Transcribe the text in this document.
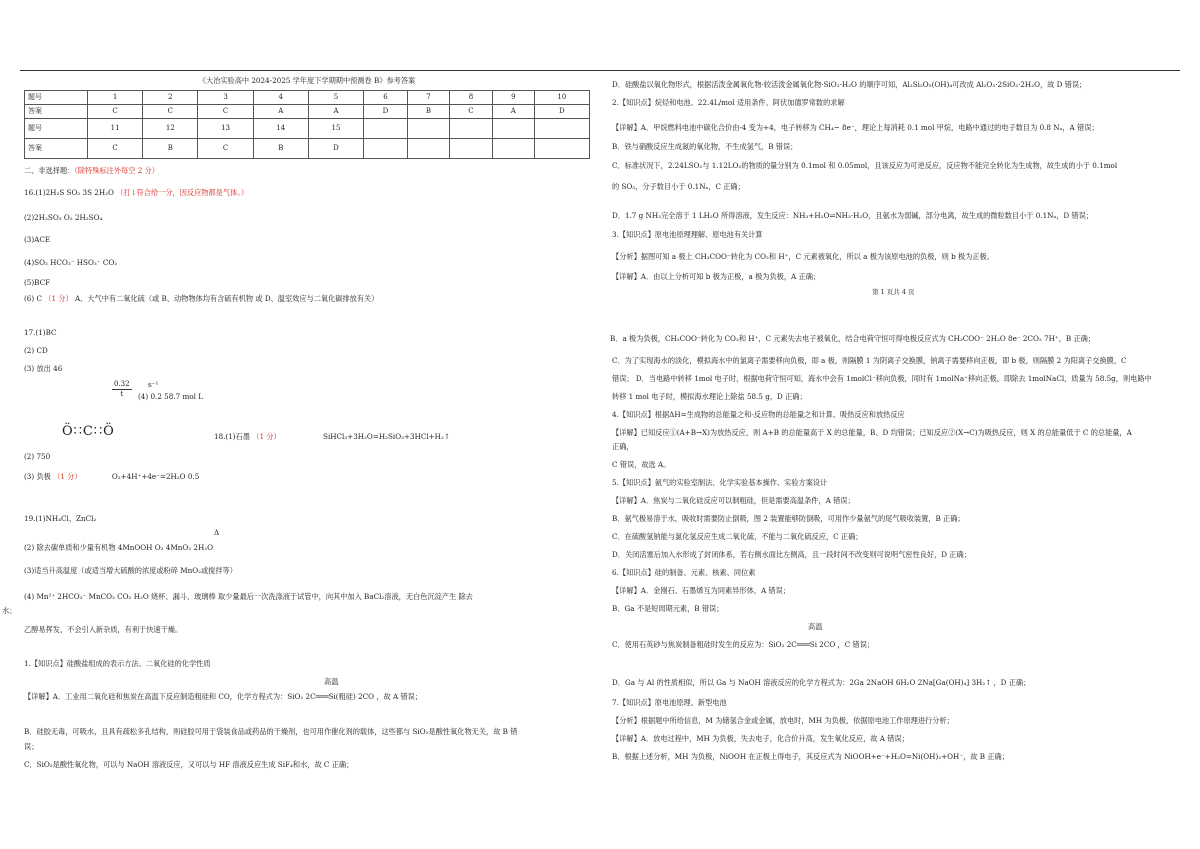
《大冶实验高中 2024-2025 学年度下学期期中预测卷 B》参考答案
题号	1	2	3	4	5	6	7	8	9	10
答案	C	C	C	A	A	D	B	C	A	D
题号	11	12	13	14	15					
答案	C	B	C	B	D					
二、非选择题：（除特殊标注外每空 2 分）
16.(1)2H₂S SO₂ 3S 2H₂O （打↓符合给一分，因反应物都是气体。）
(2)2H₂SO₃ O₂ 2H₂SO₄
(3)ACE
(4)SO₂ HCO₃⁻ HSO₃⁻ CO₂
(5)BCF
(6) C （1 分） A、大气中有二氧化硫（或 B、动物物体均有含硫有机物 或 D、温室效应与二氧化碳排放有关）
17.(1)BC
(2) CD
(3) 放出 46
$\frac{0.32}{t} s^{-1}$
(4) 0.2 58.7 mol L
Ö∷C∷Ö	18.(1)石墨 （1 分）	SiHCl₃+3H₂O=H₂SiO₃+3HCl+H₂↑
(2) 750
(3) 负极 （1 分）	O₂+4H⁺+4e⁻=2H₂O 0.5
19.(1)NH₄Cl、ZnCl₂
Δ
(2) 除去碳单质和少量有机物 4MnOOH O₂ 4MnO₂ 2H₂O
(3)适当升高温度（或适当增大硫酸的浓度或粉碎 MnO₂或搅拌等）
(4) Mn²⁺ 2HCO₃⁻ MnCO₃ CO₂ H₂O 烧杯、漏斗、玻璃棒 取少量最后一次洗涤液于试管中，向其中加入 BaCl₂溶液，无白色沉淀产生 除去
水；
乙醇易挥发，不会引入新杂质，有利于快速干燥。
1.【知识点】硅酸盐组成的表示方法、二氧化硅的化学性质
高温
【详解】A．工业用二氧化硅和焦炭在高温下反应制造粗硅和 CO，化学方程式为：SiO₂ 2C═══Si(粗硅) 2CO ，故 A 错误；
B．硅胶无毒，可吸水，且具有疏松多孔结构，则硅胶可用于袋装食品或药品的干燥剂，也可用作催化剂的载体，这些都与 SiO₂是酸性氧化物无关，故 B 错
误；
C．SiO₂是酸性氧化物，可以与 NaOH 溶液反应，又可以与 HF 溶液反应生成 SiF₄和水，故 C 正确；
D．硅酸盐以氧化物形式，根据活泼金属氧化物·较活泼金属氧化物·SiO₂·H₂O 的顺序可知，Al₂Si₂O₅(OH)₄可改成 Al₂O₃·2SiO₂·2H₂O，故 D 错误；
2.【知识点】烷烃和电池、22.4L/mol 适用条件、阿伏加德罗常数的求解
【详解】A．甲烷燃料电池中碳化合价由-4 变为+4，电子转移为 CH₄~ 8e⁻，理论上每消耗 0.1 mol 甲烷，电路中通过的电子数目为 0.8 Nₐ，A 错误；
B．铁与硝酸反应生成氮的氧化物，不生成氢气，B 错误；
C．标准状况下，2.24LSO₂与 1.12LO₂的物质的量分别为 0.1mol 和 0.05mol，且该反应为可逆反应，反应物不能完全转化为生成物，故生成的小于 0.1mol
的 SO₃，分子数目小于 0.1Nₐ，C 正确；
D．1.7 g NH₃完全溶于 1 LH₂O 所得溶液，发生反应：NH₃+H₂O⇌NH₃·H₂O，且氨水为弱碱，部分电离，故生成的微粒数目小于 0.1Nₐ，D 错误；
3.【知识点】原电池原理理解、原电池有关计算
【分析】据图可知 a 极上 CH₃COO⁻转化为 CO₂和 H⁺，C 元素被氧化，所以 a 极为该原电池的负极，则 b 极为正极。
【详解】A．由以上分析可知 b 极为正极，a 极为负极，A 正确；
第 1 页共 4 页
B．a 极为负极，CH₃COO⁻转化为 CO₂和 H⁺，C 元素失去电子被氧化，结合电荷守恒可得电极反应式为 CH₃COO⁻ 2H₂O 8e⁻ 2CO₂ 7H⁺，B 正确；
C．为了实现海水的淡化，模拟海水中的氯离子需要移向负极，即 a 极，则隔膜 1 为阴离子交换膜，钠离子需要移向正极，即 b 极，则隔膜 2 为阳离子交换膜，C
错误； D．当电路中转移 1mol 电子时，根据电荷守恒可知，海水中会有 1molCl⁻移向负极，同时有 1molNa⁺移向正极，即除去 1molNaCl，质量为 58.5g，则电路中
转移 1 mol 电子时，模拟海水理论上除盐 58.5 g，D 正确；
4.【知识点】根据ΔH=生成物的总能量之和-反应物的总能量之和计算、吸热反应和放热反应
【详解】已知反应①(A+B→X)为放热反应，则 A+B 的总能量高于 X 的总能量，B、D 均错误；已知反应②(X→C)为吸热反应，则 X 的总能量低于 C 的总能量，A
正确，
C 错误，故选 A。
5.【知识点】氨气的实验室制法、化学实验基本操作、实验方案设计
【详解】A．焦炭与二氧化硅反应可以制粗硅，但是需要高温条件，A 错误；
B．氨气极易溶于水，吸收时需要防止倒吸，图 2 装置能够防倒吸，可用作少量氨气的尾气吸收装置，B 正确；
C．在硫酸氢钠能与氯化氢反应生成二氧化硫，不能与二氧化硫反应，C 正确；
D．关闭活塞后加入水形成了封闭体系，若右侧水面比左侧高，且一段时间不改变则可说明气密性良好，D 正确；
6.【知识点】硅的制备、元素、核素、同位素
【详解】A．金刚石、石墨烯互为同素异形体，A 错误；
B．Ga 不是短周期元素，B 错误；
高温
C．使用石英砂与焦炭制备粗硅时发生的反应为：SiO₂ 2C═══Si 2CO ，C 错误；
D．Ga 与 Al 的性质相似，所以 Ga 与 NaOH 溶液反应的化学方程式为：2Ga 2NaOH 6H₂O 2Na[Ga(OH)₄] 3H₂↑ ，D 正确；
7.【知识点】原电池原理、新型电池
【分析】根据题中所给信息，M 为储氢合金或金属，放电时，MH 为负极，依据原电池工作原理进行分析；
【详解】A．放电过程中，MH 为负极，失去电子，化合价升高，发生氧化反应，故 A 错误；
B．根据上述分析，MH 为负极，NiOOH 在正极上得电子，其反应式为 NiOOH+e⁻+H₂O=Ni(OH)₂+OH⁻，故 B 正确；
